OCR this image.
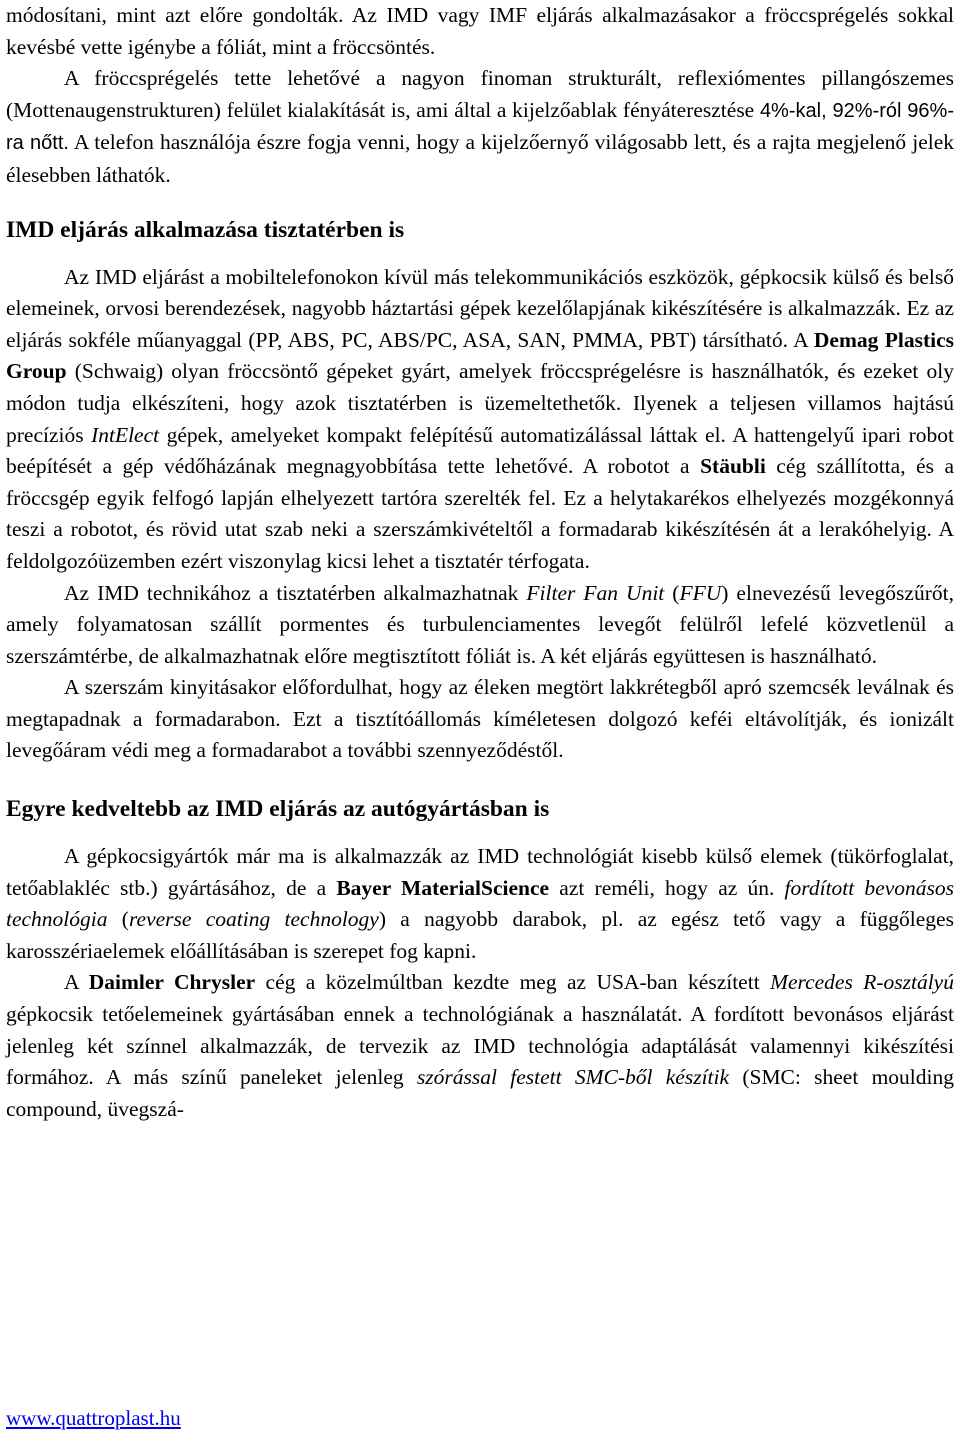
módosítani, mint azt előre gondolták. Az IMD vagy IMF eljárás alkalmazásakor a fröccsprégelés sokkal kevésbé vette igénybe a fóliát, mint a fröccsöntés.

A fröccsprégelés tette lehetővé a nagyon finoman strukturált, reflexiómentes pillangószemes (Mottenaugenstrukturen) felület kialakítását is, ami által a kijelzőablak fényáteresztése 4%-kal, 92%-ról 96%-ra nőtt. A telefon használója észre fogja venni, hogy a kijelzőernyő világosabb lett, és a rajta megjelenő jelek élesebben láthatók.

IMD eljárás alkalmazása tisztatérben is

Az IMD eljárást a mobiltelefonokon kívül más telekommunikációs eszközök, gépkocsik külső és belső elemeinek, orvosi berendezések, nagyobb háztartási gépek kezelőlapjának kikészítésére is alkalmazzák. Ez az eljárás sokféle műanyaggal (PP, ABS, PC, ABS/PC, ASA, SAN, PMMA, PBT) társítható. A Demag Plastics Group (Schwaig) olyan fröccsöntő gépeket gyárt, amelyek fröccsprégelésre is használhatók, és ezeket oly módon tudja elkészíteni, hogy azok tisztatérben is üzemeltethetők. Ilyenek a teljesen villamos hajtású precíziós IntElect gépek, amelyeket kompakt felépítésű automatizálással láttak el. A hattengelyű ipari robot beépítését a gép védőházának megnagyobbítása tette lehetővé. A robotot a Stäubli cég szállította, és a fröccsgép egyik felfogó lapján elhelyezett tartóra szerelték fel. Ez a helytakarékos elhelyezés mozgékonnyá teszi a robotot, és rövid utat szab neki a szerszámkivételtől a formadarab kikészítésén át a lerakóhelyig. A feldolgozóüzemben ezért viszonylag kicsi lehet a tisztatér térfogata.

Az IMD technikához a tisztatérben alkalmazhatnak Filter Fan Unit (FFU) elnevezésű levegőszűrőt, amely folyamatosan szállít pormentes és turbulenciamentes levegőt felülről lefelé közvetlenül a szerszámtérbe, de alkalmazhatnak előre megtisztított fóliát is. A két eljárás együttesen is használható.

A szerszám kinyitásakor előfordulhat, hogy az éleken megtört lakkrétegből apró szemcsék leválnak és megtapadnak a formadarabon. Ezt a tisztítóállomás kíméletesen dolgozó keféi eltávolítják, és ionizált levegőáram védi meg a formadarabot a további szennyeződéstől.

Egyre kedveltebb az IMD eljárás az autógyártásban is

A gépkocsigyártók már ma is alkalmazzák az IMD technológiát kisebb külső elemek (tükörfoglalat, tetőablakléc stb.) gyártásához, de a Bayer MaterialScience azt reméli, hogy az ún. fordított bevonásos technológia (reverse coating technology) a nagyobb darabok, pl. az egész tető vagy a függőleges karosszériaelemek előállításában is szerepet fog kapni.

A Daimler Chrysler cég a közelmúltban kezdte meg az USA-ban készített Mercedes R-osztályú gépkocsik tetőelemeinek gyártásában ennek a technológiának a használatát. A fordított bevonásos eljárást jelenleg két színnel alkalmazzák, de tervezik az IMD technológia adaptálását valamennyi kikészítési formához. A más színű paneleket jelenleg szórással festett SMC-ből készítik (SMC: sheet moulding compound, üvegszá-

www.quattroplast.hu
